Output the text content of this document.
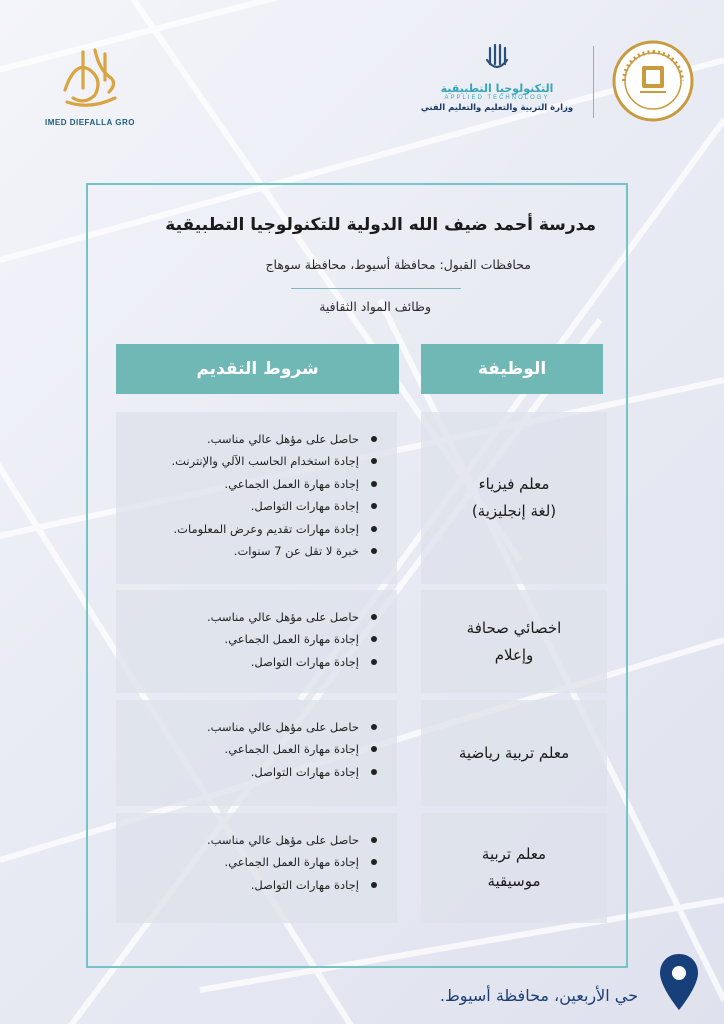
IMED DIEFALLA GRO
التكنولوجيا التطبيقية
APPLIED TECHNOLOGY
وزارة التربية والتعليم والتعليم الفني
مدرسة أحمد ضيف الله الدولية للتكنولوجيا التطبيقية
محافظات القبول: محافظة أسيوط، محافظة سوهاج
وظائف المواد الثقافية
الوظيفة
شروط التقديم
معلم فيزياء
(لغة إنجليزية)
حاصل على مؤهل عالي مناسب.
إجادة استخدام الحاسب الآلي والإنترنت.
إجادة مهارة العمل الجماعي.
إجادة مهارات التواصل.
إجادة مهارات تقديم وعرض المعلومات.
خبرة لا تقل عن 7 سنوات.
اخصائي صحافة
وإعلام
حاصل على مؤهل عالي مناسب.
إجادة مهارة العمل الجماعي.
إجادة مهارات التواصل.
معلم تربية رياضية
حاصل على مؤهل عالي مناسب.
إجادة مهارة العمل الجماعي.
إجادة مهارات التواصل.
معلم تربية
موسيقية
حاصل على مؤهل عالي مناسب.
إجادة مهارة العمل الجماعي.
إجادة مهارات التواصل.
حي الأربعين، محافظة أسيوط.
